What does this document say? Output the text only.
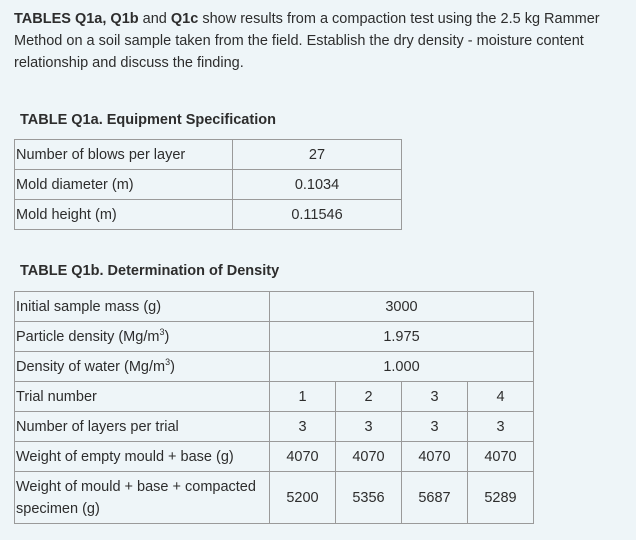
TABLES Q1a, Q1b and Q1c show results from a compaction test using the 2.5 kg Rammer Method on a soil sample taken from the field. Establish the dry density - moisture content relationship and discuss the finding.

TABLE Q1a. Equipment Specification

Number of blows per layer	27
Mold diameter (m)	0.1034
Mold height (m)	0.11546

TABLE Q1b. Determination of Density

Initial sample mass (g)	3000			
Particle density $(Mg/m^3)$	1.975			
Density of water $(Mg/m^3)$	1.000			
Trial number	1	2	3	4
Number of layers per trial	3	3	3	3
Weight of empty mould + base (g)	4070	4070	4070	4070
Weight of mould + base + compacted specimen (g)	5200	5356	5687	5289
